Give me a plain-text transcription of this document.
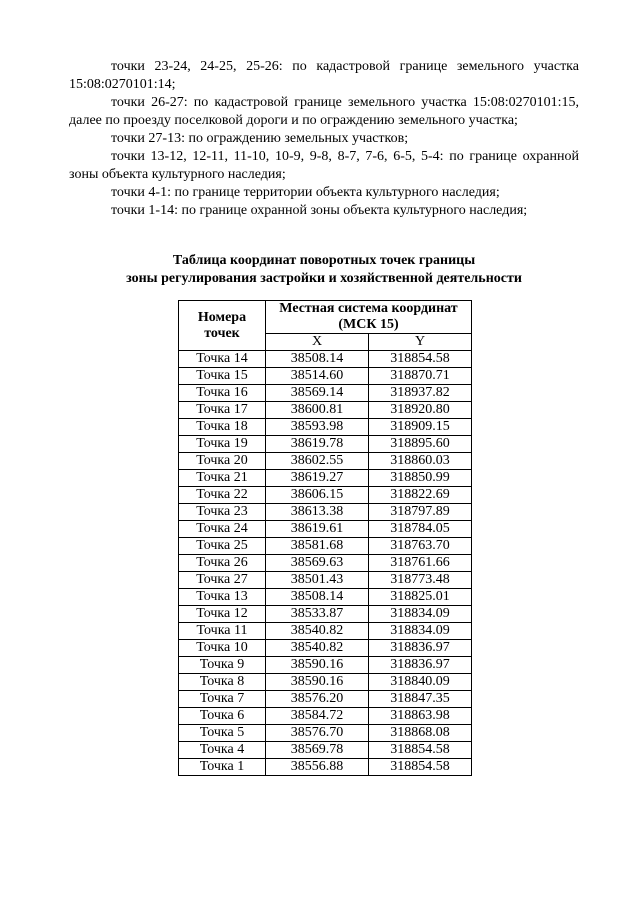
точки 23-24, 24-25, 25-26: по кадастровой границе земельного участка 15:08:0270101:14;

точки 26-27: по кадастровой границе земельного участка 15:08:0270101:15, далее по проезду поселковой дороги и по ограждению земельного участка;

точки 27-13: по ограждению земельных участков;

точки 13-12, 12-11, 11-10, 10-9, 9-8, 8-7, 7-6, 6-5, 5-4: по границе охранной зоны объекта культурного наследия;

точки 4-1: по границе территории объекта культурного наследия;

точки 1-14: по границе охранной зоны объекта культурного наследия;

Таблица координат поворотных точек границы
зоны регулирования застройки и хозяйственной деятельности
Номера точек	Местная система координат (МСК 15)	
	X	Y
Точка 14	38508.14	318854.58
Точка 15	38514.60	318870.71
Точка 16	38569.14	318937.82
Точка 17	38600.81	318920.80
Точка 18	38593.98	318909.15
Точка 19	38619.78	318895.60
Точка 20	38602.55	318860.03
Точка 21	38619.27	318850.99
Точка 22	38606.15	318822.69
Точка 23	38613.38	318797.89
Точка 24	38619.61	318784.05
Точка 25	38581.68	318763.70
Точка 26	38569.63	318761.66
Точка 27	38501.43	318773.48
Точка 13	38508.14	318825.01
Точка 12	38533.87	318834.09
Точка 11	38540.82	318834.09
Точка 10	38540.82	318836.97
Точка 9	38590.16	318836.97
Точка 8	38590.16	318840.09
Точка 7	38576.20	318847.35
Точка 6	38584.72	318863.98
Точка 5	38576.70	318868.08
Точка 4	38569.78	318854.58
Точка 1	38556.88	318854.58
